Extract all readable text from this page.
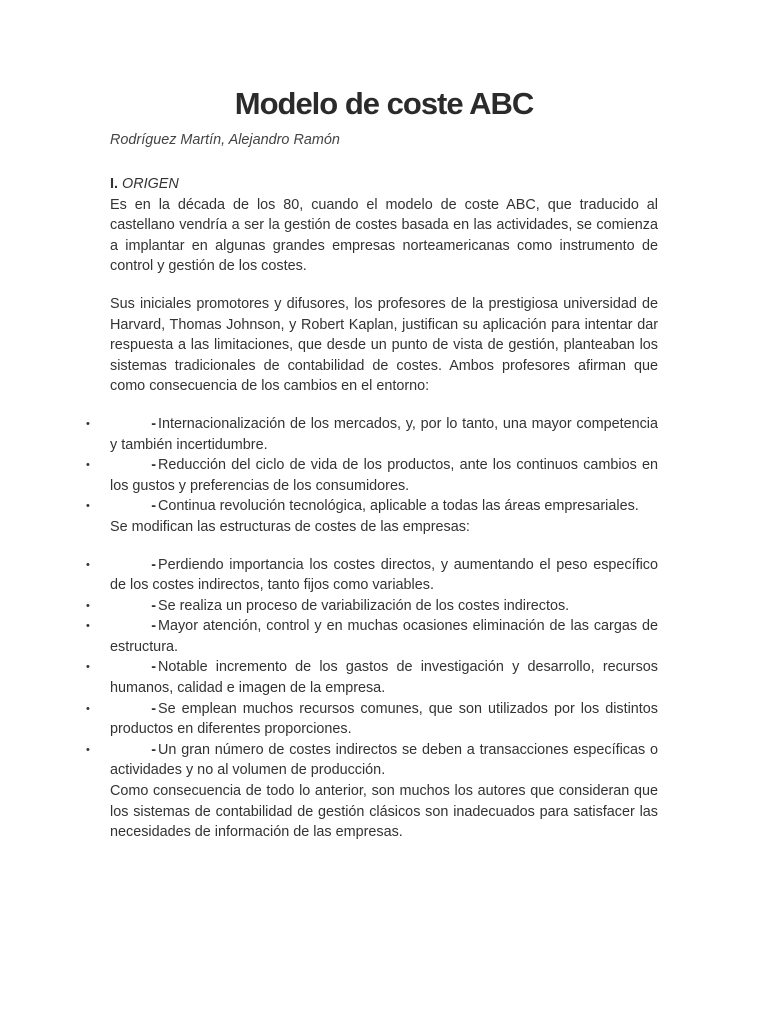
Modelo de coste ABC
Rodríguez Martín, Alejandro Ramón

I. ORIGEN

Es en la década de los 80, cuando el modelo de coste ABC, que traducido al castellano vendría a ser la gestión de costes basada en las actividades, se comienza a implantar en algunas grandes empresas norteamericanas como instrumento de control y gestión de los costes.

Sus iniciales promotores y difusores, los profesores de la prestigiosa universidad de Harvard, Thomas Johnson, y Robert Kaplan, justifican su aplicación para intentar dar respuesta a las limitaciones, que desde un punto de vista de gestión, planteaban los sistemas tradicionales de contabilidad de costes. Ambos profesores afirman que como consecuencia de los cambios en el entorno:

•	- Internacionalización de los mercados, y, por lo tanto, una mayor competencia y también incertidumbre.
•	- Reducción del ciclo de vida de los productos, ante los continuos cambios en los gustos y preferencias de los consumidores.
•	- Continua revolución tecnológica, aplicable a todas las áreas empresariales.

Se modifican las estructuras de costes de las empresas:

•	- Perdiendo importancia los costes directos, y aumentando el peso específico de los costes indirectos, tanto fijos como variables.
•	- Se realiza un proceso de variabilización de los costes indirectos.
•	- Mayor atención, control y en muchas ocasiones eliminación de las cargas de estructura.
•	- Notable incremento de los gastos de investigación y desarrollo, recursos humanos, calidad e imagen de la empresa.
•	- Se emplean muchos recursos comunes, que son utilizados por los distintos productos en diferentes proporciones.
•	- Un gran número de costes indirectos se deben a transacciones específicas o actividades y no al volumen de producción.

Como consecuencia de todo lo anterior, son muchos los autores que consideran que los sistemas de contabilidad de gestión clásicos son inadecuados para satisfacer las necesidades de información de las empresas.
